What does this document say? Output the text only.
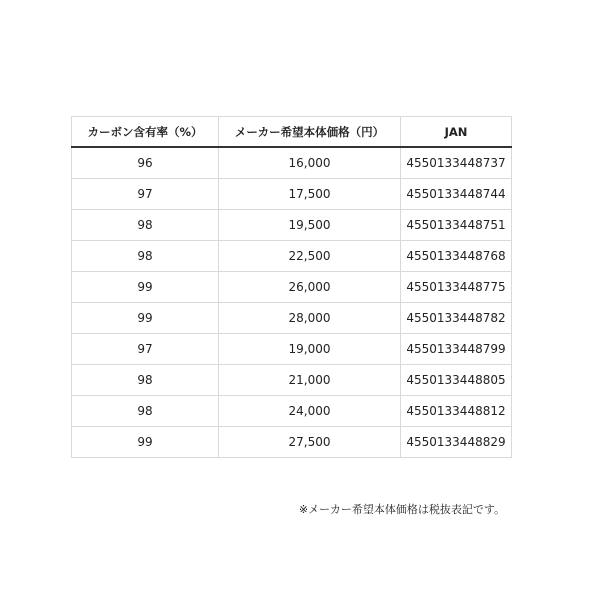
カーボン含有率（%）	メーカー希望本体価格（円）	JAN
96	16,000	4550133448737
97	17,500	4550133448744
98	19,500	4550133448751
98	22,500	4550133448768
99	26,000	4550133448775
99	28,000	4550133448782
97	19,000	4550133448799
98	21,000	4550133448805
98	24,000	4550133448812
99	27,500	4550133448829
※メーカー希望本体価格は税抜表記です。
